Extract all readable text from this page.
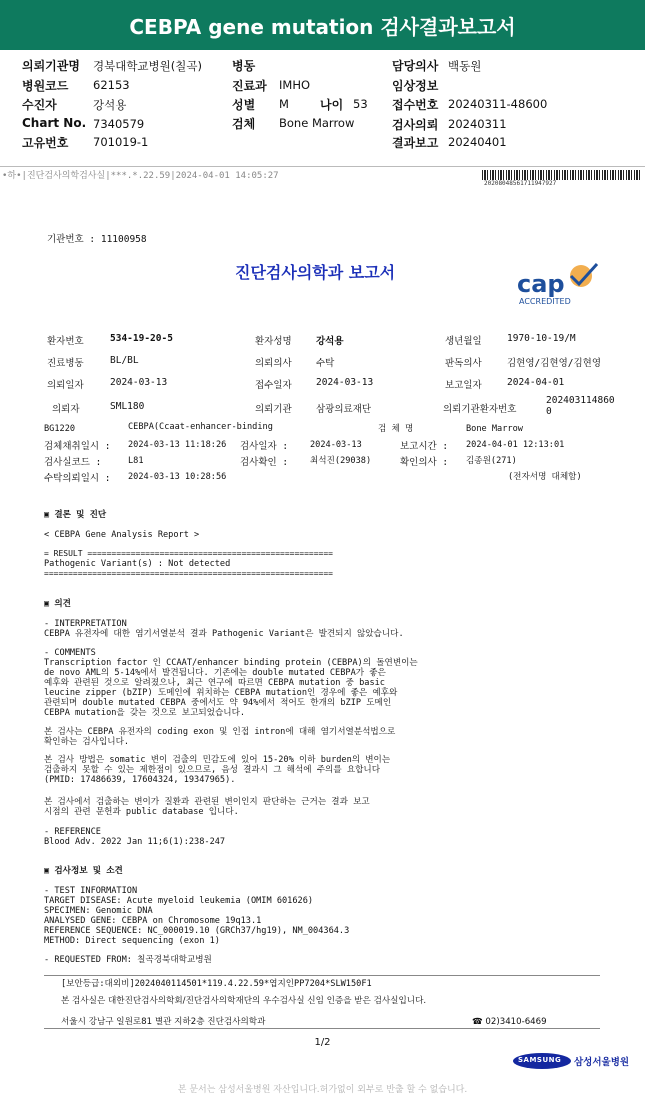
CEBPA gene mutation 검사결과보고서
의뢰기관명 경북대학교병원(칠곡)	병동	담당의사 백동원
병원코드 62153	진료과 IMHO	임상정보
수진자	강석용	성별 M	나이 53 접수번호 20240311-48600
Chart No. 7340579	검체 Bone Marrow	검사의뢰 20240311
고유번호 701019-1	결과보고 20240401
•하•|진단검사의학검사실|***.*.22.59|2024-04-01 14:05:27
20208048561711947927
기관번호 : 11100958
진단검사의학과 보고서	cap
ACCREDITED
환자번호	534-19-20-5	환자성명	강석용	생년월일	1970-10-19/M
진료병동	BL/BL	의뢰의사	수탁	판독의사	김현영/김현영/김현영
의뢰일자	2024-03-13	접수일자	2024-03-13	보고일자	2024-04-01
의뢰자	SML180	의뢰기관	삼광의료재단	의뢰기관환자번호
202403114860
0
BG1220	CEBPA(Ccaat-enhancer-binding	검 체 명	Bone Marrow
검체채취일시 : 2024-03-13 11:18:26 검사일자 :	2024-03-13	보고시간 : 2024-04-01 12:13:01
검사실코드 :	L81	검사확인 :	최석진(29038)	확인의사 : 김종원(271)
수탁의뢰일시 : 2024-03-13 10:28:56	(전자서명 대체함)
▣ 결론 및 진단
< CEBPA Gene Analysis Report >
= RESULT ===================================================
Pathogenic Variant(s) : Not detected
============================================================
▣ 의견
- INTERPRETATION
CEBPA 유전자에 대한 염기서열분석 결과 Pathogenic Variant은 발견되지 않았습니다.
- COMMENTS
Transcription factor 인 CCAAT/enhancer binding protein (CEBPA)의 돌연변이는
de novo AML의 5-14%에서 발견됩니다. 기존에는 double mutated CEBPA가 좋은
예후와 관련된 것으로 알려졌으나, 최근 연구에 따르면 CEBPA mutation 중 basic
leucine zipper (bZIP) 도메인에 위치하는 CEBPA mutation인 경우에 좋은 예후와
관련되며 double mutated CEBPA 중에서도 약 94%에서 적어도 한개의 bZIP 도메인
CEBPA mutation을 갖는 것으로 보고되었습니다.
본 검사는 CEBPA 유전자의 coding exon 및 인접 intron에 대해 염기서열분석법으로
확인하는 검사입니다.
본 검사 방법은 somatic 변이 검출의 민감도에 있어 15-20% 이하 burden의 변이는
검출하지 못할 수 있는 제한점이 있으므로, 음성 결과시 그 해석에 주의를 요합니다
(PMID: 17486639, 17604324, 19347965).
본 검사에서 검출하는 변이가 질환과 관련된 변이인지 판단하는 근거는 결과 보고
시점의 관련 문헌과 public database 입니다.
- REFERENCE
Blood Adv. 2022 Jan 11;6(1):238-247
▣ 검사정보 및 소견
- TEST INFORMATION
TARGET DISEASE: Acute myeloid leukemia (OMIM 601626)
SPECIMEN: Genomic DNA
ANALYSED GENE: CEBPA on Chromosome 19q13.1
REFERENCE SEQUENCE: NC_000019.10 (GRCh37/hg19), NM_004364.3
METHOD: Direct sequencing (exon 1)
- REQUESTED FROM: 칠곡경북대학교병원
[보안등급:대외비]2024040114501*119.4.22.59*엽지인PP7204*SLW150F1
본 검사실은 대한진단검사의학회/진단검사의학재단의 우수검사실 신임 인증을 받은 검사실입니다.
서울시 강남구 일원로81 별관 지하2층 진단검사의학과	☎ 02)3410-6469
1/2
SAMSUNG 삼성서울병원
본 문서는 삼성서울병원 자산입니다.허가없이 외부로 반출 할 수 없습니다.
